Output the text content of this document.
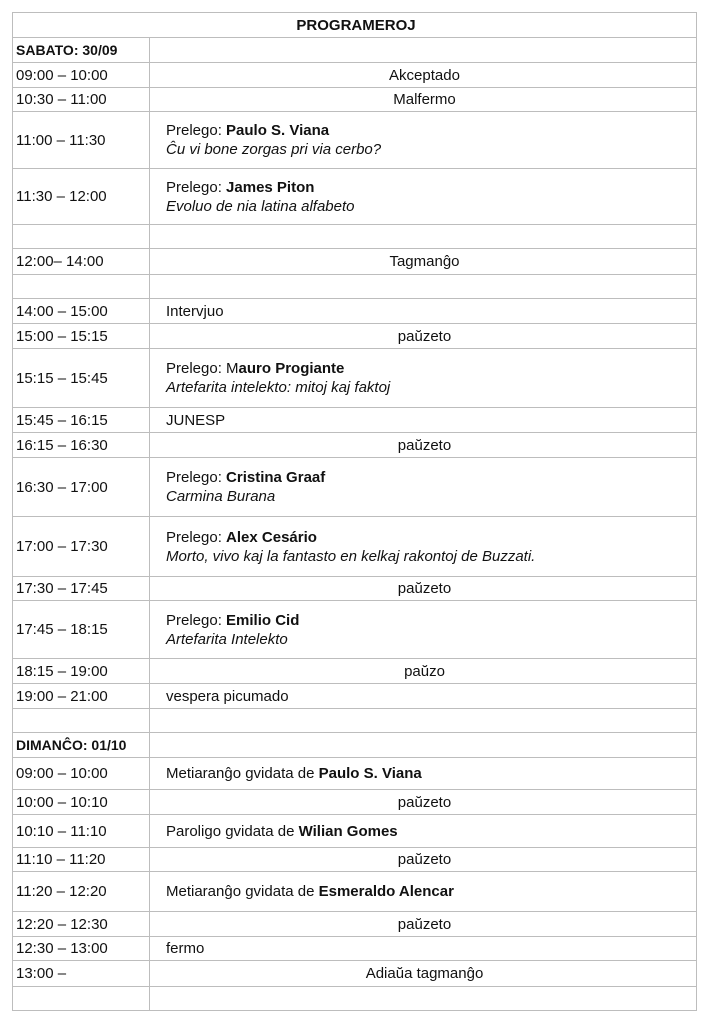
PROGRAMEROJ	
SABATO: 30/09	
09:00 – 10:00	Akceptado
10:30 – 11:00	Malfermo
11:00 – 11:30	Prelego: Paulo S. Viana
Ĉu vi bone zorgas pri via cerbo?

11:30 – 12:00	Prelego: James Piton
Evoluo de nia latina alfabeto

12:00– 14:00	Tagmanĝo

14:00 – 15:00	Intervjuo
15:00 – 15:15	paŭzeto
15:15 – 15:45	Prelego: Mauro Progiante
Artefarita intelekto: mitoj kaj faktoj

15:45 – 16:15	JUNESP
16:15 – 16:30	paŭzeto
16:30 – 17:00	Prelego: Cristina Graaf
Carmina Burana

17:00 – 17:30	Prelego: Alex Cesário
Morto, vivo kaj la fantasto en kelkaj rakontoj de Buzzati.

17:30 – 17:45	paŭzeto
17:45 – 18:15	Prelego: Emilio Cid
Artefarita Intelekto

18:15 – 19:00	paŭzo
19:00 – 21:00	vespera picumado

DIMANĈO: 01/10	
09:00 – 10:00	Metiaranĝo gvidata de Paulo S. Viana
10:00 – 10:10	paŭzeto
10:10 – 11:10	Paroligo gvidata de Wilian Gomes
11:10 – 11:20	paŭzeto
11:20 – 12:20	Metiaranĝo gvidata de Esmeraldo Alencar
12:20 – 12:30	paŭzeto
12:30 – 13:00	fermo
13:00 –	Adiaŭa tagmanĝo
